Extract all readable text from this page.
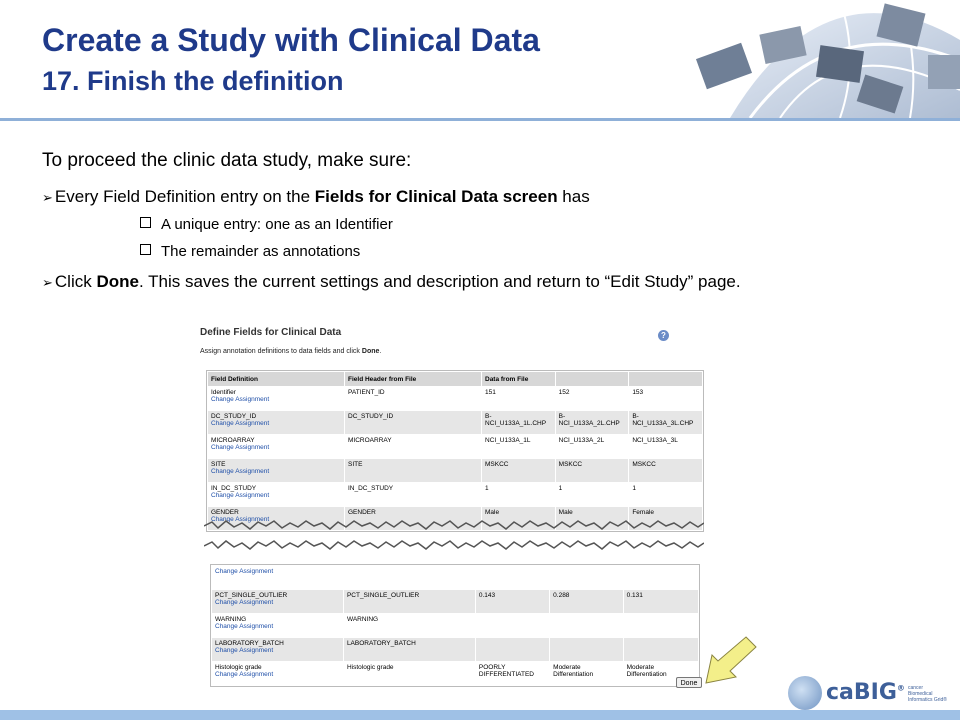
Create a Study with Clinical Data
17. Finish the definition
To proceed the clinic data study, make sure:
➢ Every Field Definition entry on the Fields for Clinical Data screen has
A unique entry: one as an Identifier
The remainder as annotations
➢ Click Done. This saves the current settings and description and return to “Edit Study” page.
Define Fields for Clinical Data	?
Assign annotation definitions to data fields and click Done.
Field Definition	Field Header from File	Data from File		

Identifier
Change Assignment	PATIENT_ID	151	152	153

DC_STUDY_ID
Change Assignment	DC_STUDY_ID	B-NCI_U133A_1L.CHP	B-NCI_U133A_2L.CHP	B-NCI_U133A_3L.CHP

MICROARRAY
Change Assignment	MICROARRAY	NCI_U133A_1L	NCI_U133A_2L	NCI_U133A_3L

SITE
Change Assignment	SITE	MSKCC	MSKCC	MSKCC

IN_DC_STUDY
Change Assignment	IN_DC_STUDY	1	1	1

GENDER
Change Assignment	GENDER	Male	Male	Female
Change Assignment				

PCT_SINGLE_OUTLIER
Change Assignment	PCT_SINGLE_OUTLIER	0.143	0.288	0.131

WARNING
Change Assignment	WARNING			

LABORATORY_BATCH
Change Assignment	LABORATORY_BATCH			

Histologic grade
Change Assignment	Histologic grade	POORLY DIFFERENTIATED	Moderate Differentiation	Moderate Differentiation
Done	caBIG® cancer Biomedical Informatics Grid®
